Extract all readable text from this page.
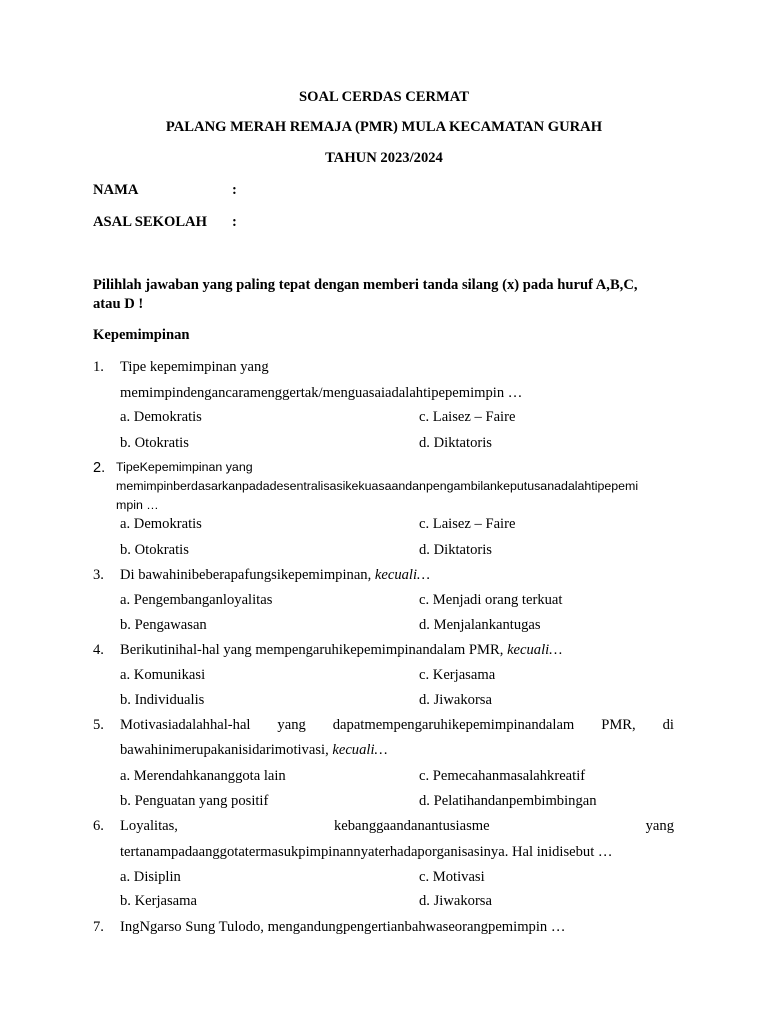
SOAL CERDAS CERMAT
PALANG MERAH REMAJA (PMR) MULA KECAMATAN GURAH
TAHUN 2023/2024
NAMA	:
ASAL SEKOLAH :
Pilihlah jawaban yang paling tepat dengan memberi tanda silang (x) pada huruf A,B,C,
atau D !
Kepemimpinan
1. Tipe kepemimpinan yang
memimpindengancaramenggertak/menguasaiadalahtipepemimpin …
a. Demokratis	c. Laisez – Faire
b. Otokratis	d. Diktatoris
2. TipeKepemimpinan yang
memimpinberdasarkanpadadesentralisasikekuasaandanpengambilankeputusanadalahtipepemi
mpin …
a. Demokratis	c. Laisez – Faire
b. Otokratis	d. Diktatoris
3. Di bawahinibeberapafungsikepemimpinan, kecuali…
a. Pengembanganloyalitas	c. Menjadi orang terkuat
b. Pengawasan	d. Menjalankantugas
4. Berikutinihal-hal yang mempengaruhikepemimpinandalam PMR, kecuali…
a. Komunikasi	c. Kerjasama
b. Individualis	d. Jiwakorsa
5. Motivasiadalahhal-hal yang dapatmempengaruhikepemimpinandalam PMR, di
bawahinimerupakanisidarimotivasi, kecuali…
a. Merendahkananggota lain	c. Pemecahanmasalahkreatif
b. Penguatan yang positif	d. Pelatihandanpembimbingan
6. Loyalitas, kebanggaandanantusiasme yang
tertanampadaanggotatermasukpimpinannyaterhadaporganisasinya. Hal inidisebut …
a. Disiplin	c. Motivasi
b. Kerjasama	d. Jiwakorsa
7. IngNgarso Sung Tulodo, mengandungpengertianbahwaseorangpemimpin …
